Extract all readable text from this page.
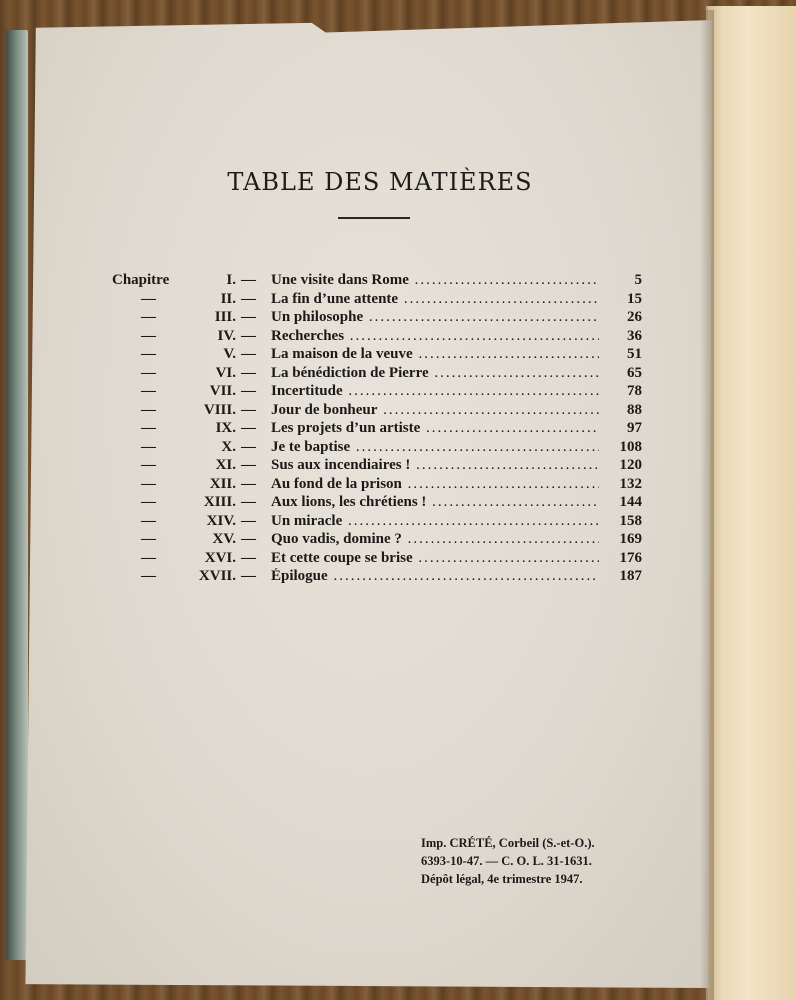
TABLE DES MATIÈRES
Chapitre	I. —	Une visite dans Rome .....	5
—	II. —	La fin d’une attente .....	15
—	III. —	Un philosophe .....	26
—	IV. —	Recherches .....	36
—	V. —	La maison de la veuve .....	51
—	VI. —	La bénédiction de Pierre .....	65
—	VII. —	Incertitude .....	78
—	VIII. —	Jour de bonheur .....	88
—	IX. —	Les projets d’un artiste .....	97
—	X. —	Je te baptise .....	108
—	XI. —	Sus aux incendiaires ! .....	120
—	XII. —	Au fond de la prison .....	132
—	XIII. —	Aux lions, les chrétiens ! .....	144
—	XIV. —	Un miracle .....	158
—	XV. —	Quo vadis, domine ? .....	169
—	XVI. —	Et cette coupe se brise .....	176
—	XVII. —	Épilogue .....	187
Imp. CRÉTÉ, Corbeil (S.-et-O.).
6393-10-47. — C. O. L. 31-1631.
Dépôt légal, 4e trimestre 1947.
